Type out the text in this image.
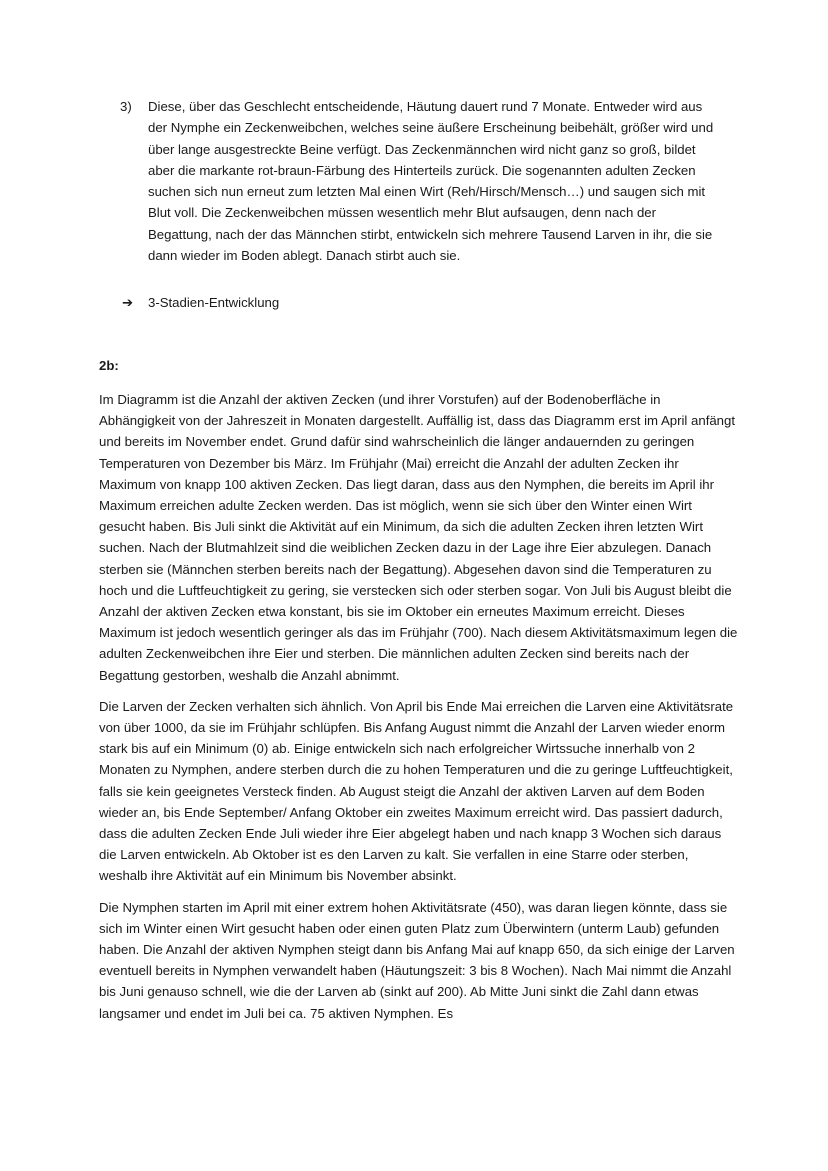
3) Diese, über das Geschlecht entscheidende, Häutung dauert rund 7 Monate. Entweder wird aus der Nymphe ein Zeckenweibchen, welches seine äußere Erscheinung beibehält, größer wird und über lange ausgestreckte Beine verfügt. Das Zeckenmännchen wird nicht ganz so groß, bildet aber die markante rot-braun-Färbung des Hinterteils zurück. Die sogenannten adulten Zecken suchen sich nun erneut zum letzten Mal einen Wirt (Reh/Hirsch/Mensch…) und saugen sich mit Blut voll. Die Zeckenweibchen müssen wesentlich mehr Blut aufsaugen, denn nach der Begattung, nach der das Männchen stirbt, entwickeln sich mehrere Tausend Larven in ihr, die sie dann wieder im Boden ablegt. Danach stirbt auch sie.
➔ 3-Stadien-Entwicklung
2b:

Im Diagramm ist die Anzahl der aktiven Zecken (und ihrer Vorstufen) auf der Bodenoberfläche in Abhängigkeit von der Jahreszeit in Monaten dargestellt. Auffällig ist, dass das Diagramm erst im April anfängt und bereits im November endet. Grund dafür sind wahrscheinlich die länger andauernden zu geringen Temperaturen von Dezember bis März. Im Frühjahr (Mai) erreicht die Anzahl der adulten Zecken ihr Maximum von knapp 100 aktiven Zecken. Das liegt daran, dass aus den Nymphen, die bereits im April ihr Maximum erreichen adulte Zecken werden. Das ist möglich, wenn sie sich über den Winter einen Wirt gesucht haben. Bis Juli sinkt die Aktivität auf ein Minimum, da sich die adulten Zecken ihren letzten Wirt suchen. Nach der Blutmahlzeit sind die weiblichen Zecken dazu in der Lage ihre Eier abzulegen. Danach sterben sie (Männchen sterben bereits nach der Begattung). Abgesehen davon sind die Temperaturen zu hoch und die Luftfeuchtigkeit zu gering, sie verstecken sich oder sterben sogar. Von Juli bis August bleibt die Anzahl der aktiven Zecken etwa konstant, bis sie im Oktober ein erneutes Maximum erreicht. Dieses Maximum ist jedoch wesentlich geringer als das im Frühjahr (700). Nach diesem Aktivitätsmaximum legen die adulten Zeckenweibchen ihre Eier und sterben. Die männlichen adulten Zecken sind bereits nach der Begattung gestorben, weshalb die Anzahl abnimmt.

Die Larven der Zecken verhalten sich ähnlich. Von April bis Ende Mai erreichen die Larven eine Aktivitätsrate von über 1000, da sie im Frühjahr schlüpfen. Bis Anfang August nimmt die Anzahl der Larven wieder enorm stark bis auf ein Minimum (0) ab. Einige entwickeln sich nach erfolgreicher Wirtssuche innerhalb von 2 Monaten zu Nymphen, andere sterben durch die zu hohen Temperaturen und die zu geringe Luftfeuchtigkeit, falls sie kein geeignetes Versteck finden. Ab August steigt die Anzahl der aktiven Larven auf dem Boden wieder an, bis Ende September/ Anfang Oktober ein zweites Maximum erreicht wird. Das passiert dadurch, dass die adulten Zecken Ende Juli wieder ihre Eier abgelegt haben und nach knapp 3 Wochen sich daraus die Larven entwickeln. Ab Oktober ist es den Larven zu kalt. Sie verfallen in eine Starre oder sterben, weshalb ihre Aktivität auf ein Minimum bis November absinkt.

Die Nymphen starten im April mit einer extrem hohen Aktivitätsrate (450), was daran liegen könnte, dass sie sich im Winter einen Wirt gesucht haben oder einen guten Platz zum Überwintern (unterm Laub) gefunden haben. Die Anzahl der aktiven Nymphen steigt dann bis Anfang Mai auf knapp 650, da sich einige der Larven eventuell bereits in Nymphen verwandelt haben (Häutungszeit: 3 bis 8 Wochen). Nach Mai nimmt die Anzahl bis Juni genauso schnell, wie die der Larven ab (sinkt auf 200). Ab Mitte Juni sinkt die Zahl dann etwas langsamer und endet im Juli bei ca. 75 aktiven Nymphen. Es
